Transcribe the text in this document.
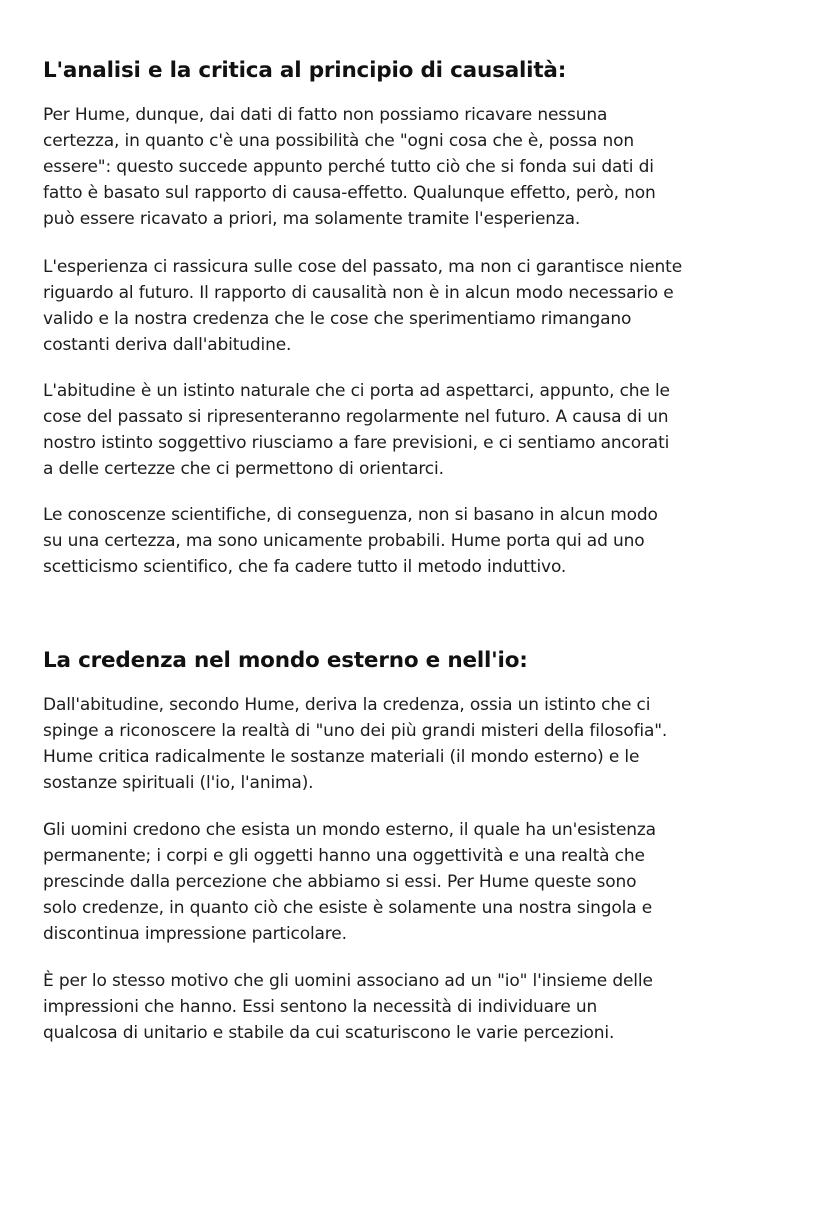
L'analisi e la critica al principio di causalità:

Per Hume, dunque, dai dati di fatto non possiamo ricavare nessuna
certezza, in quanto c'è una possibilità che "ogni cosa che è, possa non
essere": questo succede appunto perché tutto ciò che si fonda sui dati di
fatto è basato sul rapporto di causa-effetto. Qualunque effetto, però, non
può essere ricavato a priori, ma solamente tramite l'esperienza.

L'esperienza ci rassicura sulle cose del passato, ma non ci garantisce niente
riguardo al futuro. Il rapporto di causalità non è in alcun modo necessario e
valido e la nostra credenza che le cose che sperimentiamo rimangano
costanti deriva dall'abitudine.

L'abitudine è un istinto naturale che ci porta ad aspettarci, appunto, che le
cose del passato si ripresenteranno regolarmente nel futuro. A causa di un
nostro istinto soggettivo riusciamo a fare previsioni, e ci sentiamo ancorati
a delle certezze che ci permettono di orientarci.

Le conoscenze scientifiche, di conseguenza, non si basano in alcun modo
su una certezza, ma sono unicamente probabili. Hume porta qui ad uno
scetticismo scientifico, che fa cadere tutto il metodo induttivo.

La credenza nel mondo esterno e nell'io:

Dall'abitudine, secondo Hume, deriva la credenza, ossia un istinto che ci
spinge a riconoscere la realtà di "uno dei più grandi misteri della filosofia".
Hume critica radicalmente le sostanze materiali (il mondo esterno) e le
sostanze spirituali (l'io, l'anima).

Gli uomini credono che esista un mondo esterno, il quale ha un'esistenza
permanente; i corpi e gli oggetti hanno una oggettività e una realtà che
prescinde dalla percezione che abbiamo si essi. Per Hume queste sono
solo credenze, in quanto ciò che esiste è solamente una nostra singola e
discontinua impressione particolare.

È per lo stesso motivo che gli uomini associano ad un "io" l'insieme delle
impressioni che hanno. Essi sentono la necessità di individuare un
qualcosa di unitario e stabile da cui scaturiscono le varie percezioni.
